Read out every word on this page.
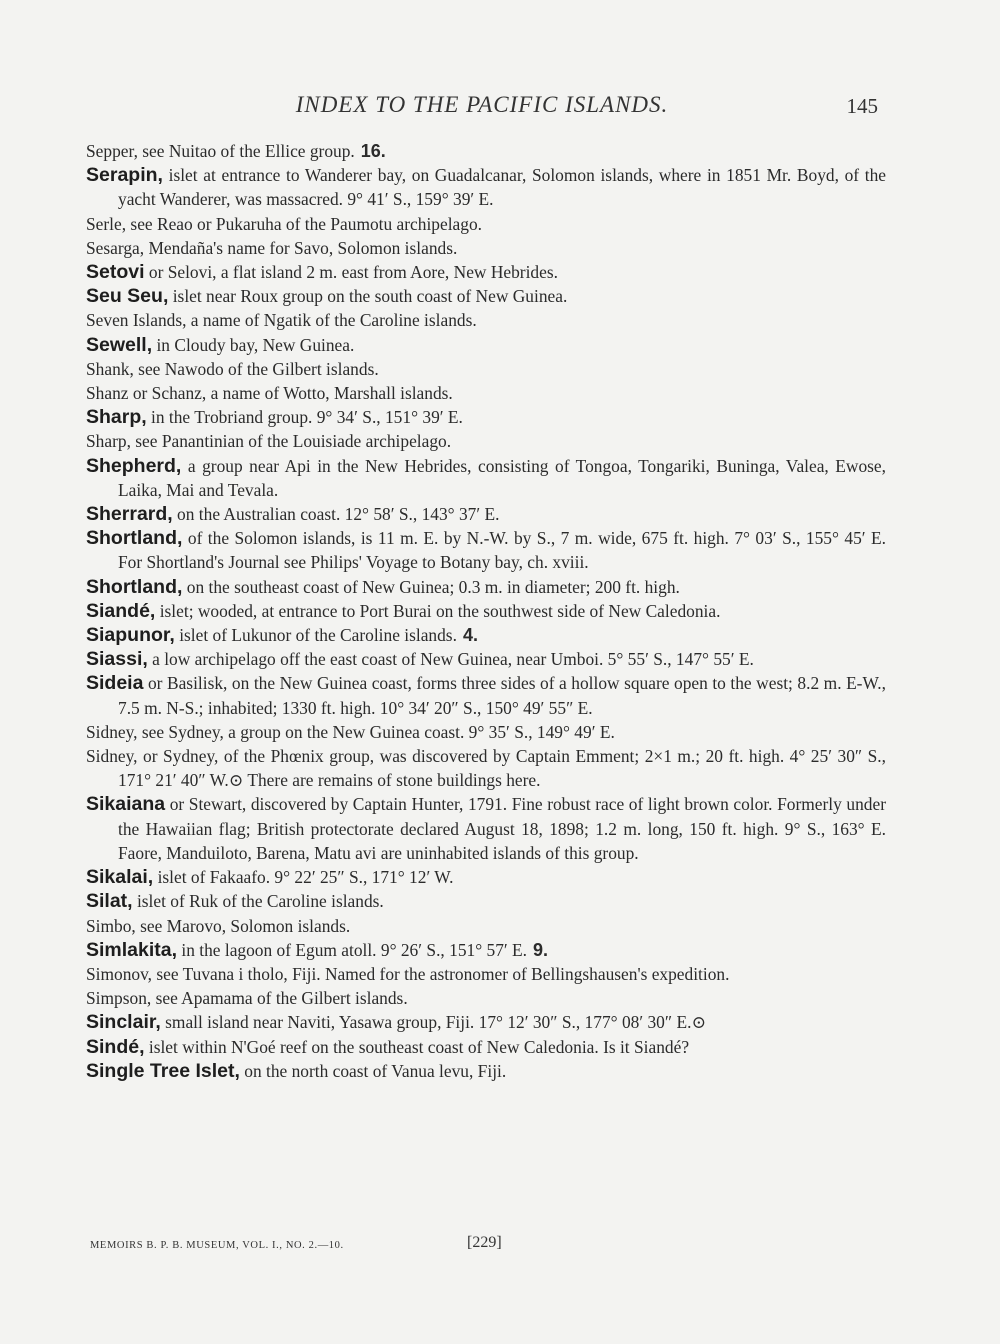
INDEX TO THE PACIFIC ISLANDS.	145

Sepper, see Nuitao of the Ellice group. 16.

Serapin, islet at entrance to Wanderer bay, on Guadalcanar, Solomon islands, where in 1851 Mr. Boyd, of the yacht Wanderer, was massacred. 9° 41′ S., 159° 39′ E.

Serle, see Reao or Pukaruha of the Paumotu archipelago.

Sesarga, Mendaña's name for Savo, Solomon islands.

Setovi or Selovi, a flat island 2 m. east from Aore, New Hebrides.

Seu Seu, islet near Roux group on the south coast of New Guinea.

Seven Islands, a name of Ngatik of the Caroline islands.

Sewell, in Cloudy bay, New Guinea.

Shank, see Nawodo of the Gilbert islands.

Shanz or Schanz, a name of Wotto, Marshall islands.

Sharp, in the Trobriand group. 9° 34′ S., 151° 39′ E.

Sharp, see Panantinian of the Louisiade archipelago.

Shepherd, a group near Api in the New Hebrides, consisting of Tongoa, Tongariki, Buninga, Valea, Ewose, Laika, Mai and Tevala.

Sherrard, on the Australian coast. 12° 58′ S., 143° 37′ E.

Shortland, of the Solomon islands, is 11 m. E. by N.-W. by S., 7 m. wide, 675 ft. high. 7° 03′ S., 155° 45′ E. For Shortland's Journal see Philips' Voyage to Botany bay, ch. xviii.

Shortland, on the southeast coast of New Guinea; 0.3 m. in diameter; 200 ft. high.

Siandé, islet; wooded, at entrance to Port Burai on the southwest side of New Caledonia.

Siapunor, islet of Lukunor of the Caroline islands. 4.

Siassi, a low archipelago off the east coast of New Guinea, near Umboi. 5° 55′ S., 147° 55′ E.

Sideia or Basilisk, on the New Guinea coast, forms three sides of a hollow square open to the west; 8.2 m. E-W., 7.5 m. N-S.; inhabited; 1330 ft. high. 10° 34′ 20″ S., 150° 49′ 55″ E.

Sidney, see Sydney, a group on the New Guinea coast. 9° 35′ S., 149° 49′ E.

Sidney, or Sydney, of the Phœnix group, was discovered by Captain Emment; 2×1 m.; 20 ft. high. 4° 25′ 30″ S., 171° 21′ 40″ W.⊙ There are remains of stone buildings here.

Sikaiana or Stewart, discovered by Captain Hunter, 1791. Fine robust race of light brown color. Formerly under the Hawaiian flag; British protectorate declared August 18, 1898; 1.2 m. long, 150 ft. high. 9° S., 163° E. Faore, Manduiloto, Barena, Matu avi are uninhabited islands of this group.

Sikalai, islet of Fakaafo. 9° 22′ 25″ S., 171° 12′ W.

Silat, islet of Ruk of the Caroline islands.

Simbo, see Marovo, Solomon islands.

Simlakita, in the lagoon of Egum atoll. 9° 26′ S., 151° 57′ E. 9.

Simonov, see Tuvana i tholo, Fiji. Named for the astronomer of Bellingshausen's expedition.

Simpson, see Apamama of the Gilbert islands.

Sinclair, small island near Naviti, Yasawa group, Fiji. 17° 12′ 30″ S., 177° 08′ 30″ E.⊙

Sindé, islet within N'Goé reef on the southeast coast of New Caledonia. Is it Siandé?

Single Tree Islet, on the north coast of Vanua levu, Fiji.

MEMOIRS B. P. B. MUSEUM, VOL. I., NO. 2.—10.	[229]
